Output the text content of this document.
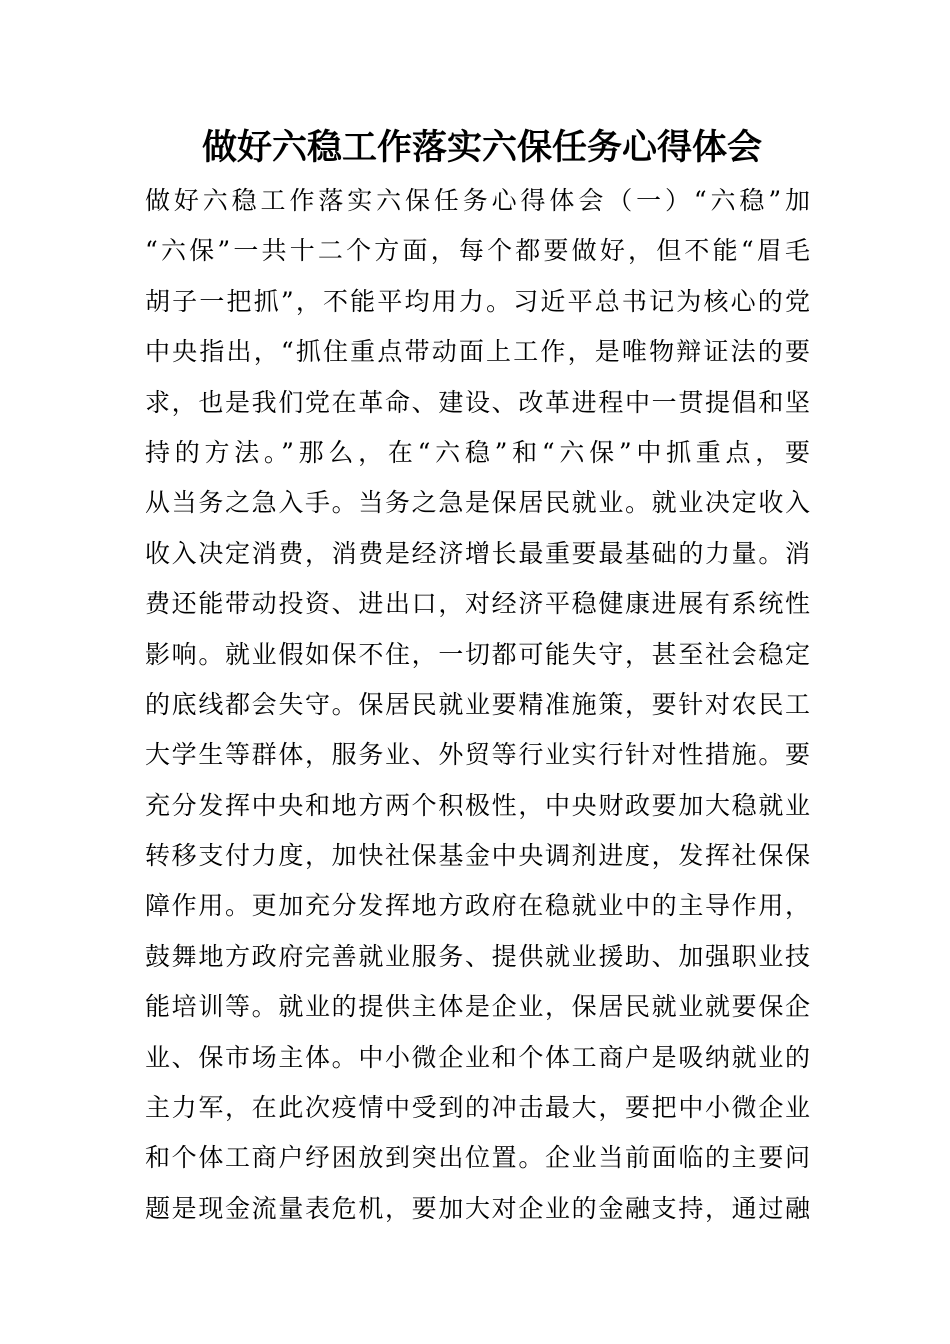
做好六稳工作落实六保任务心得体会
做好六稳工作落实六保任务心得体会（一）“六稳”加
“六保”一共十二个方面，每个都要做好，但不能“眉毛
胡子一把抓”，不能平均用力。习近平总书记为核心的党
中央指出，“抓住重点带动面上工作，是唯物辩证法的要
求，也是我们党在革命、建设、改革进程中一贯提倡和坚
持的方法。”那么，在“六稳”和“六保”中抓重点，要
从当务之急入手。当务之急是保居民就业。就业决定收入
收入决定消费，消费是经济增长最重要最基础的力量。消
费还能带动投资、进出口，对经济平稳健康进展有系统性
影响。就业假如保不住，一切都可能失守，甚至社会稳定
的底线都会失守。保居民就业要精准施策，要针对农民工
大学生等群体，服务业、外贸等行业实行针对性措施。要
充分发挥中央和地方两个积极性，中央财政要加大稳就业
转移支付力度，加快社保基金中央调剂进度，发挥社保保
障作用。更加充分发挥地方政府在稳就业中的主导作用，
鼓舞地方政府完善就业服务、提供就业援助、加强职业技
能培训等。就业的提供主体是企业，保居民就业就要保企
业、保市场主体。中小微企业和个体工商户是吸纳就业的
主力军，在此次疫情中受到的冲击最大，要把中小微企业
和个体工商户纾困放到突出位置。企业当前面临的主要问
题是现金流量表危机，要加大对企业的金融支持，通过融
